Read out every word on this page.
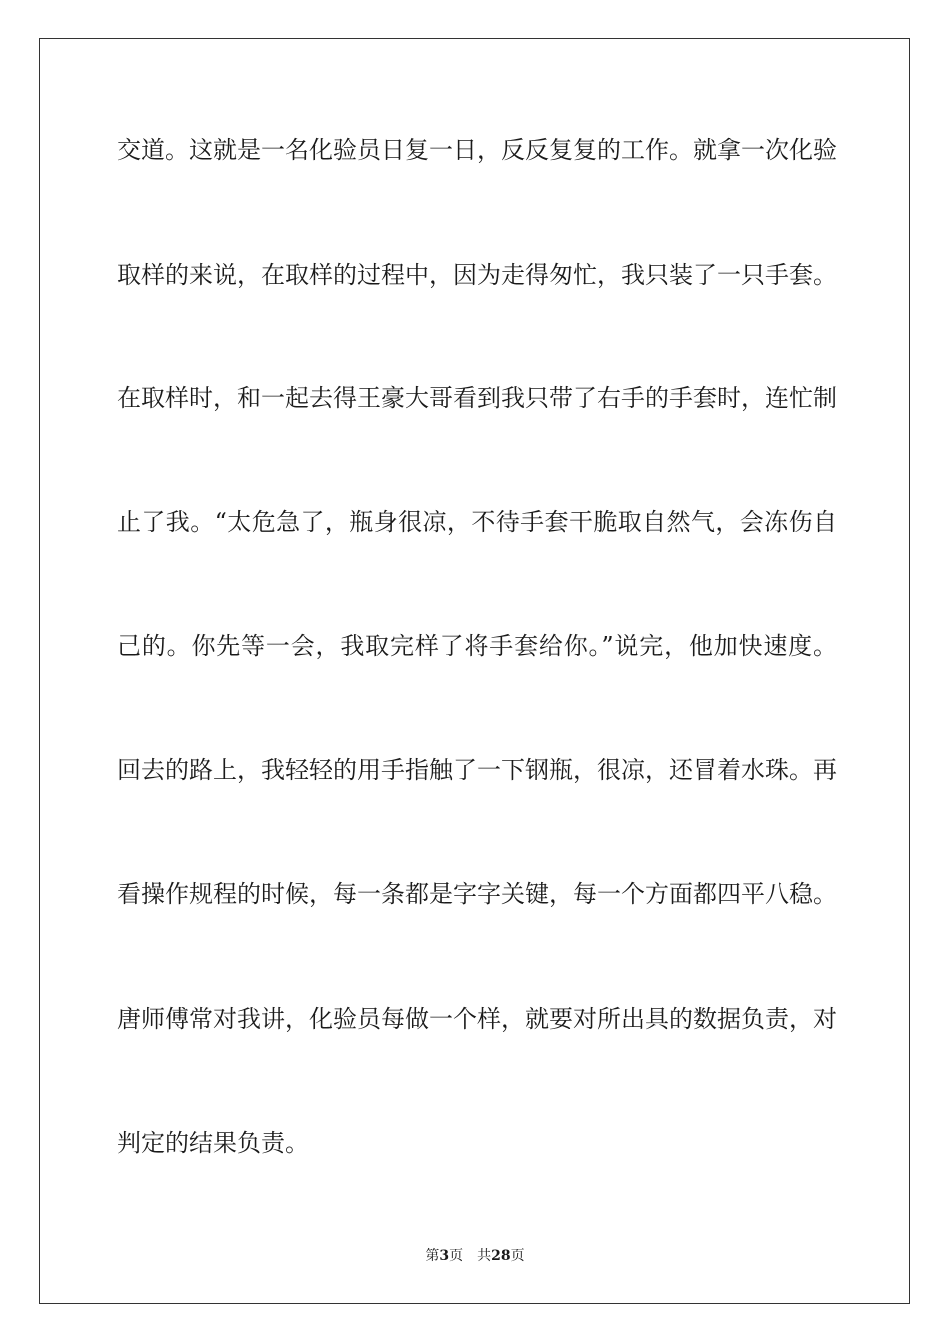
交道。这就是一名化验员日复一日，反反复复的工作。就拿一次化验
取样的来说，在取样的过程中，因为走得匆忙，我只装了一只手套。
在取样时，和一起去得王豪大哥看到我只带了右手的手套时，连忙制
止了我。“太危急了，瓶身很凉，不待手套干脆取自然气，会冻伤自
己的。你先等一会，我取完样了将手套给你。”说完，他加快速度。
回去的路上，我轻轻的用手指触了一下钢瓶，很凉，还冒着水珠。再
看操作规程的时候，每一条都是字字关键，每一个方面都四平八稳。
唐师傅常对我讲，化验员每做一个样，就要对所出具的数据负责，对
判定的结果负责。
第3页 共28页
